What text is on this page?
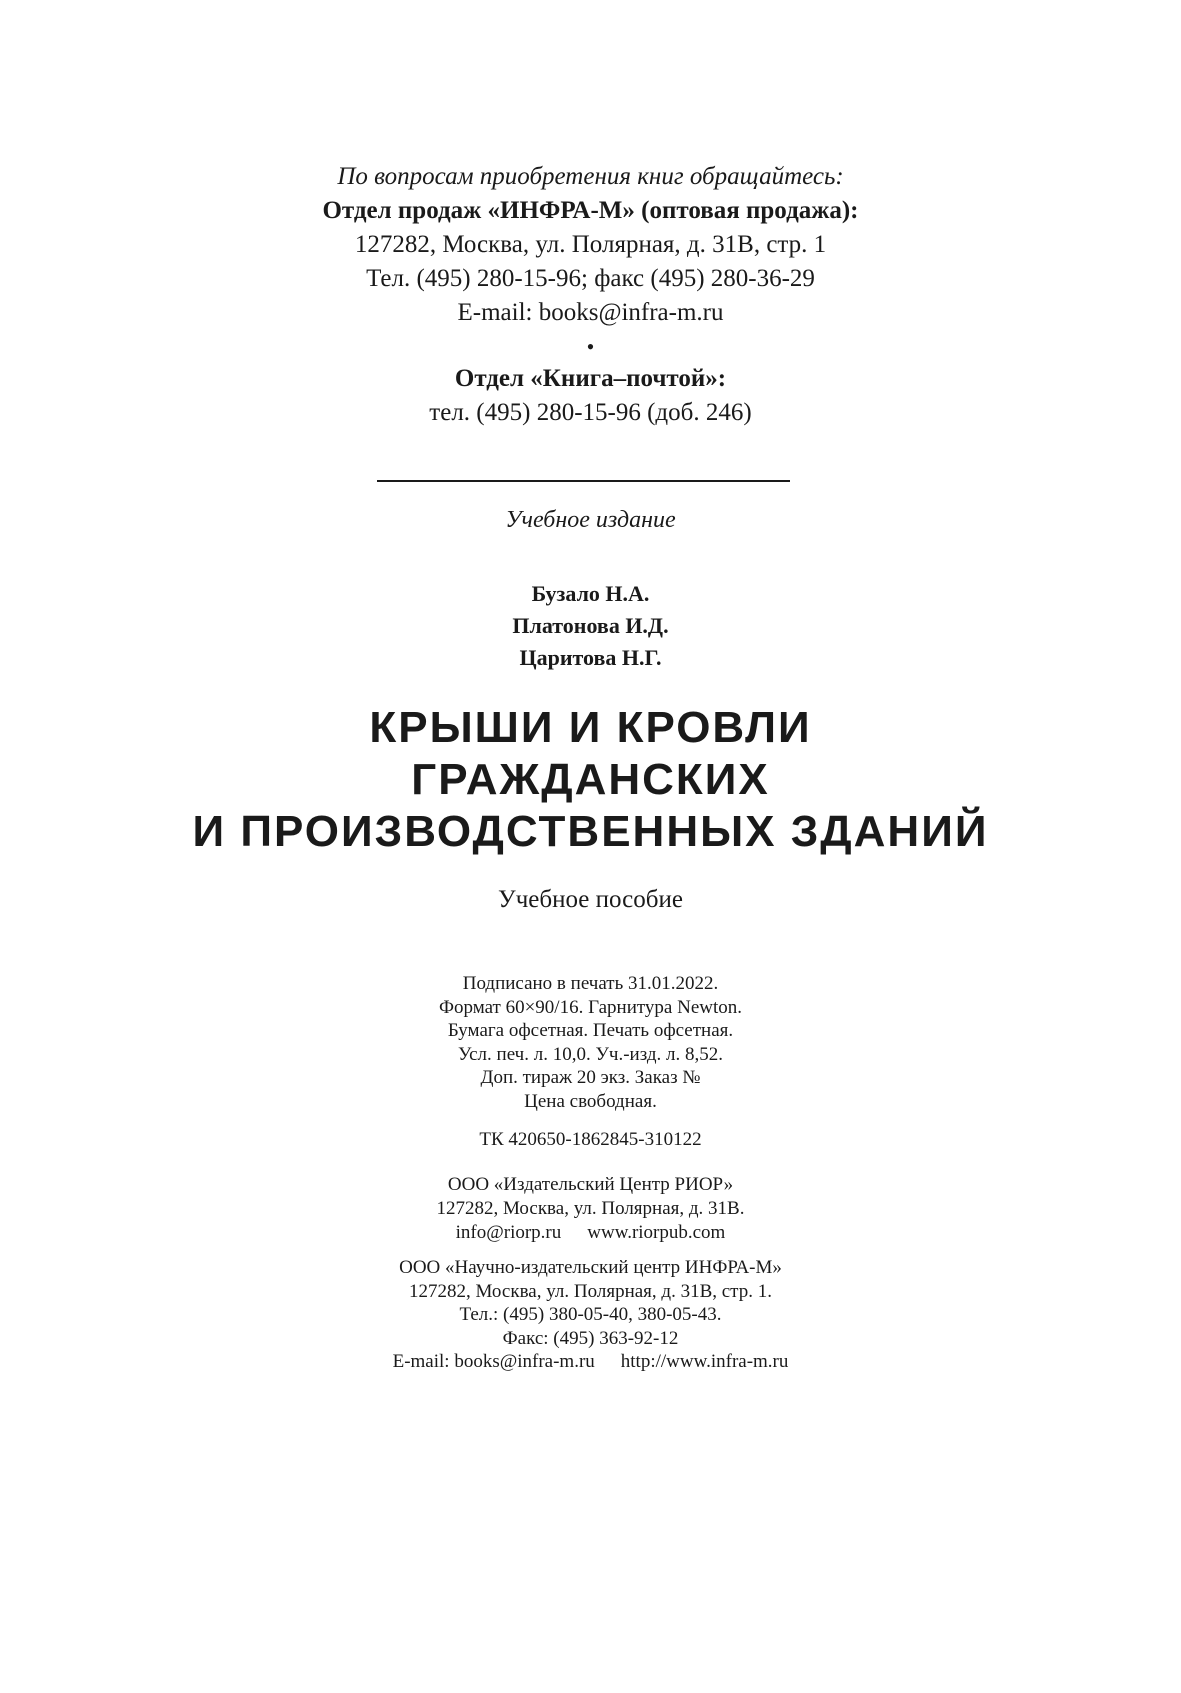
По вопросам приобретения книг обращайтесь:
Отдел продаж «ИНФРА-М» (оптовая продажа):
127282, Москва, ул. Полярная, д. 31В, стр. 1
Тел. (495) 280-15-96; факс (495) 280-36-29
E-mail: books@infra-m.ru
•
Отдел «Книга–почтой»:
тел. (495) 280-15-96 (доб. 246)
Учебное издание
Бузало Н.А.
Платонова И.Д.
Царитова Н.Г.
КРЫШИ И КРОВЛИ
ГРАЖДАНСКИХ
И ПРОИЗВОДСТВЕННЫХ ЗДАНИЙ
Учебное пособие
Подписано в печать 31.01.2022.
Формат 60×90/16. Гарнитура Newton.
Бумага офсетная. Печать офсетная.
Усл. печ. л. 10,0. Уч.-изд. л. 8,52.
Доп. тираж 20 экз. Заказ №
Цена свободная.
ТК 420650-1862845-310122
ООО «Издательский Центр РИОР»
127282, Москва, ул. Полярная, д. 31В.
info@riorp.ru www.riorpub.com
ООО «Научно-издательский центр ИНФРА-М»
127282, Москва, ул. Полярная, д. 31В, стр. 1.
Тел.: (495) 380-05-40, 380-05-43.
Факс: (495) 363-92-12
E-mail: books@infra-m.ru http://www.infra-m.ru
